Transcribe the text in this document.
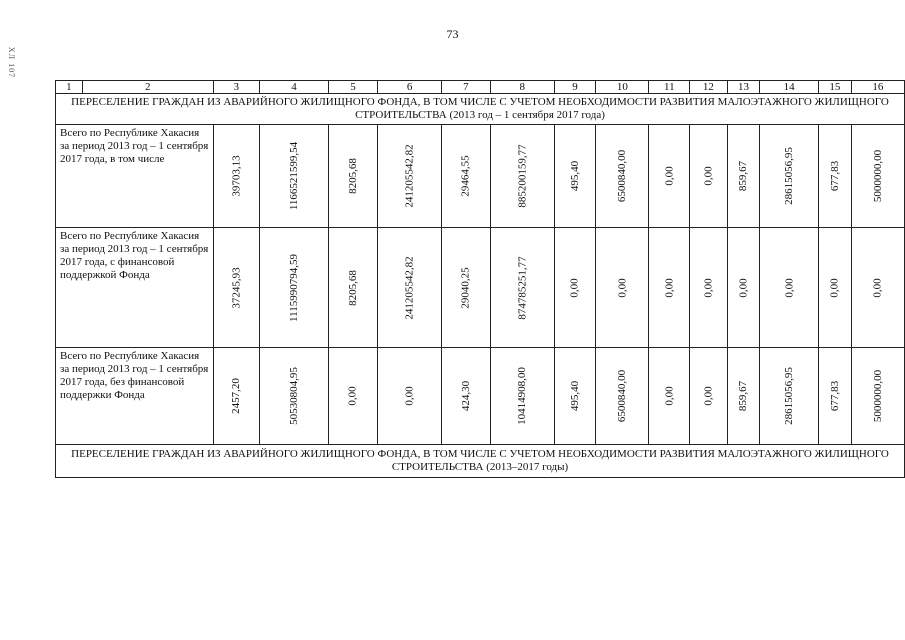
73
ХЛ 107
1	2	3	4	5	6	7	8	9	10	11	12	13	14	15	16
ПЕРЕСЕЛЕНИЕ ГРАЖДАН ИЗ АВАРИЙНОГО ЖИЛИЩНОГО ФОНДА, В ТОМ ЧИСЛЕ С УЧЕТОМ НЕОБХОДИМОСТИ РАЗВИТИЯ МАЛОЭТАЖНОГО ЖИЛИЩНОГО СТРОИТЕЛЬСТВА (2013 год – 1 сентября 2017 года)															
Всего по Республике Хакасия за период 2013 год – 1 сентября 2017 года, в том числе		39703,13	1166521599,54	8205,68	241205542,82	29464,55	885200159,77	495,40	6500840,00	0,00	0,00	859,67	28615056,95	677,83	5000000,00

Всего по Республике Хакасия за период 2013 год – 1 сентября 2017 года, с финансовой поддержкой Фонда		37245,93	1115990794,59	8205,68	241205542,82	29040,25	874785251,77	0,00	0,00	0,00	0,00	0,00	0,00	0,00	0,00

Всего по Республике Хакасия за период 2013 год – 1 сентября 2017 года, без финансовой поддержки Фонда		2457,20	50530804,95	0,00	0,00	424,30	10414908,00	495,40	6500840,00	0,00	0,00	859,67	28615056,95	677,83	5000000,00

ПЕРЕСЕЛЕНИЕ ГРАЖДАН ИЗ АВАРИЙНОГО ЖИЛИЩНОГО ФОНДА, В ТОМ ЧИСЛЕ С УЧЕТОМ НЕОБХОДИМОСТИ РАЗВИТИЯ МАЛОЭТАЖНОГО ЖИЛИЩНОГО СТРОИТЕЛЬСТВА (2013–2017 годы)															
